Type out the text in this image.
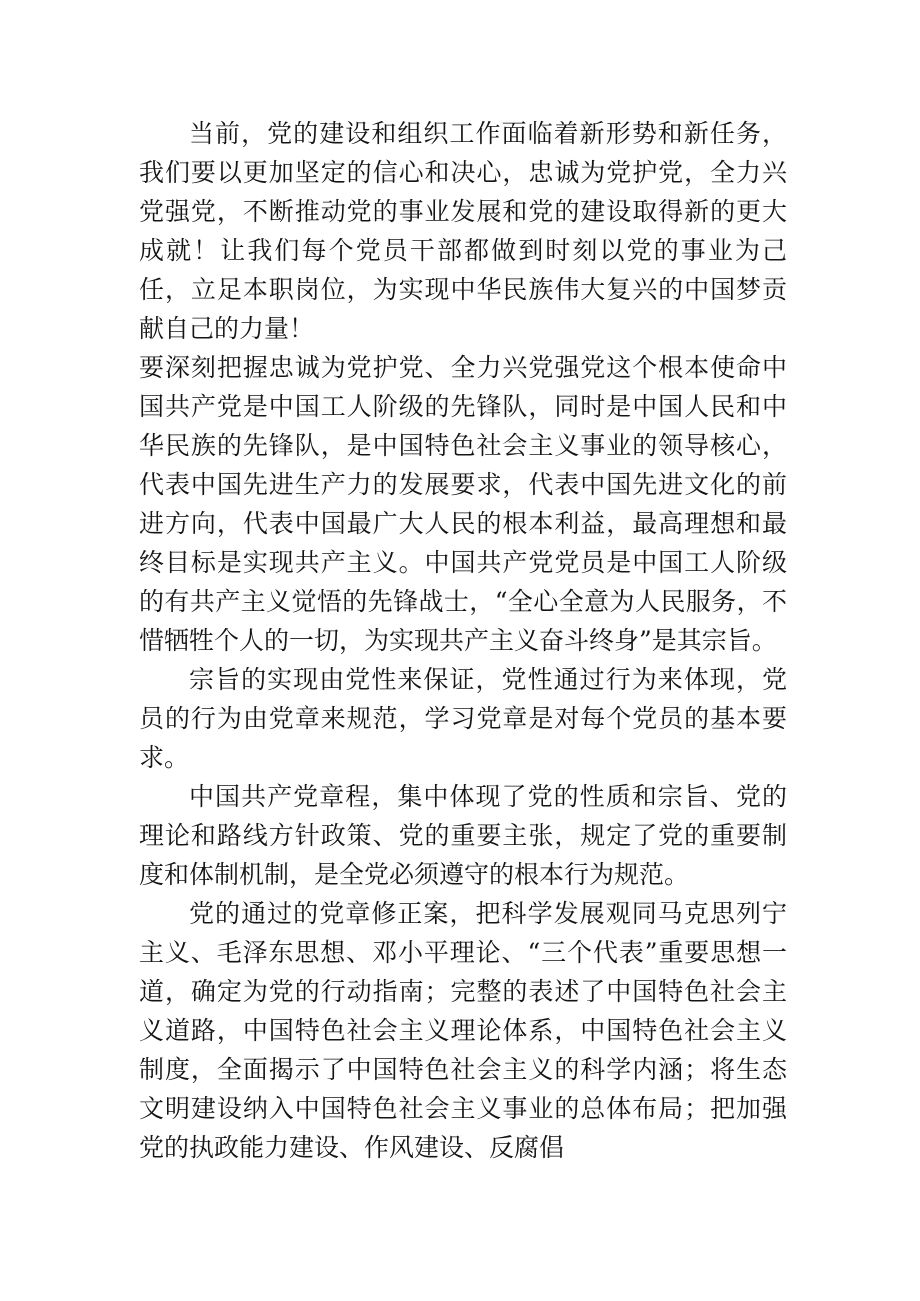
当前，党的建设和组织工作面临着新形势和新任务，我们要以更加坚定的信心和决心，忠诚为党护党，全力兴党强党，不断推动党的事业发展和党的建设取得新的更大成就！让我们每个党员干部都做到时刻以党的事业为己任，立足本职岗位，为实现中华民族伟大复兴的中国梦贡献自己的力量！

要深刻把握忠诚为党护党、全力兴党强党这个根本使命中国共产党是中国工人阶级的先锋队，同时是中国人民和中华民族的先锋队，是中国特色社会主义事业的领导核心，代表中国先进生产力的发展要求，代表中国先进文化的前进方向，代表中国最广大人民的根本利益，最高理想和最终目标是实现共产主义。中国共产党党员是中国工人阶级的有共产主义觉悟的先锋战士，“全心全意为人民服务，不惜牺牲个人的一切，为实现共产主义奋斗终身”是其宗旨。

宗旨的实现由党性来保证，党性通过行为来体现，党员的行为由党章来规范，学习党章是对每个党员的基本要求。

中国共产党章程，集中体现了党的性质和宗旨、党的理论和路线方针政策、党的重要主张，规定了党的重要制度和体制机制，是全党必须遵守的根本行为规范。

党的通过的党章修正案，把科学发展观同马克思列宁主义、毛泽东思想、邓小平理论、“三个代表”重要思想一道，确定为党的行动指南；完整的表述了中国特色社会主义道路，中国特色社会主义理论体系，中国特色社会主义制度，全面揭示了中国特色社会主义的科学内涵；将生态文明建设纳入中国特色社会主义事业的总体布局；把加强党的执政能力建设、作风建设、反腐倡
